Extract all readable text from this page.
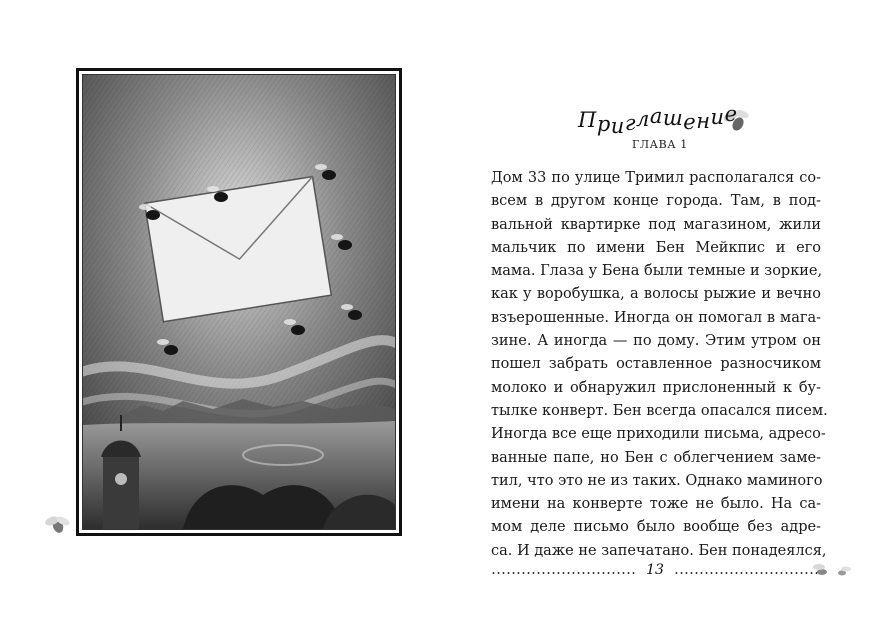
Приглашение
ГЛАВА 1
Дом 33 по улице Тримил располагался со-
всем в другом конце города. Там, в под-
вальной квартирке под магазином, жили
мальчик по имени Бен Мейкпис и его
мама. Глаза у Бена были темные и зоркие,
как у воробушка, а волосы рыжие и вечно
взъерошенные. Иногда он помогал в мага-
зине. А иногда — по дому. Этим утром он
пошел забрать оставленное разносчиком
молоко и обнаружил прислоненный к бу-
тылке конверт. Бен всегда опасался писем.
Иногда все еще приходили письма, адресо-
ванные папе, но Бен с облегчением заме-
тил, что это не из таких. Однако маминого
имени на конверте тоже не было. На са-
мом деле письмо было вообще без адре-
са. И даже не запечатано. Бен понадеялся,
13
